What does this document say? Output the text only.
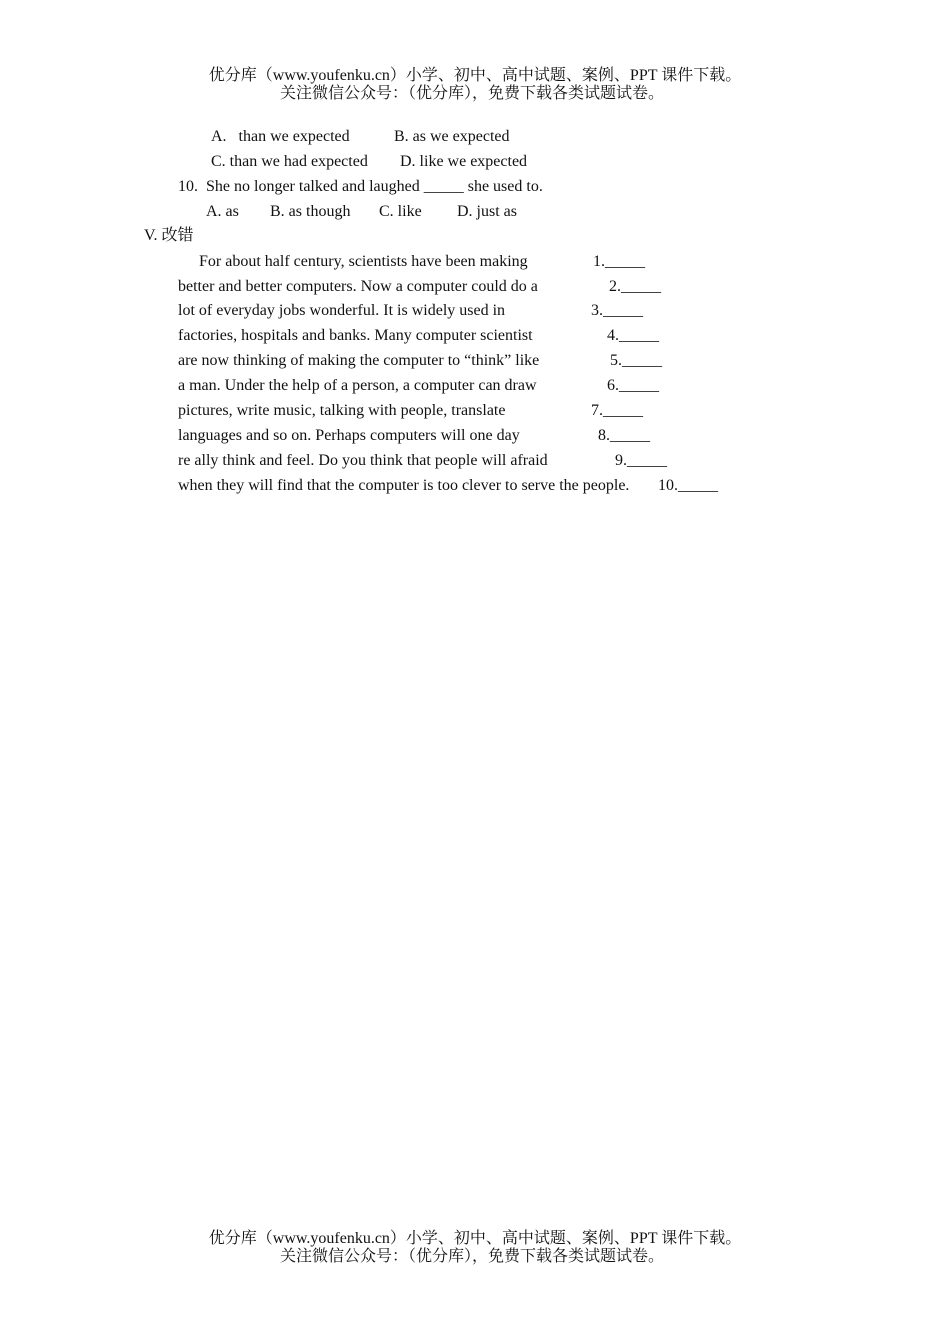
优分库（www.youfenku.cn）小学、初中、高中试题、案例、PPT 课件下载。
关注微信公众号：（优分库），免费下载各类试题试卷。
A.   than we expected	B. as we expected
C. than we had expected D. like we expected
10.  She no longer talked and laughed _____ she used to.
A. as B. as though C. like D. just as
V. 改错
For about half century, scientists have been making	1._____
better and better computers. Now a computer could do a	2._____
lot of everyday jobs wonderful. It is widely used in	3._____
factories, hospitals and banks. Many computer scientist	4._____
are now thinking of making the computer to “think” like	5._____
a man. Under the help of a person, a computer can draw	6._____
pictures, write music, talking with people, translate	7._____
languages and so on. Perhaps computers will one day	8._____
re ally think and feel. Do you think that people will afraid	9._____
when they will find that the computer is too clever to serve the people. 10._____
优分库（www.youfenku.cn）小学、初中、高中试题、案例、PPT 课件下载。
关注微信公众号：（优分库），免费下载各类试题试卷。
